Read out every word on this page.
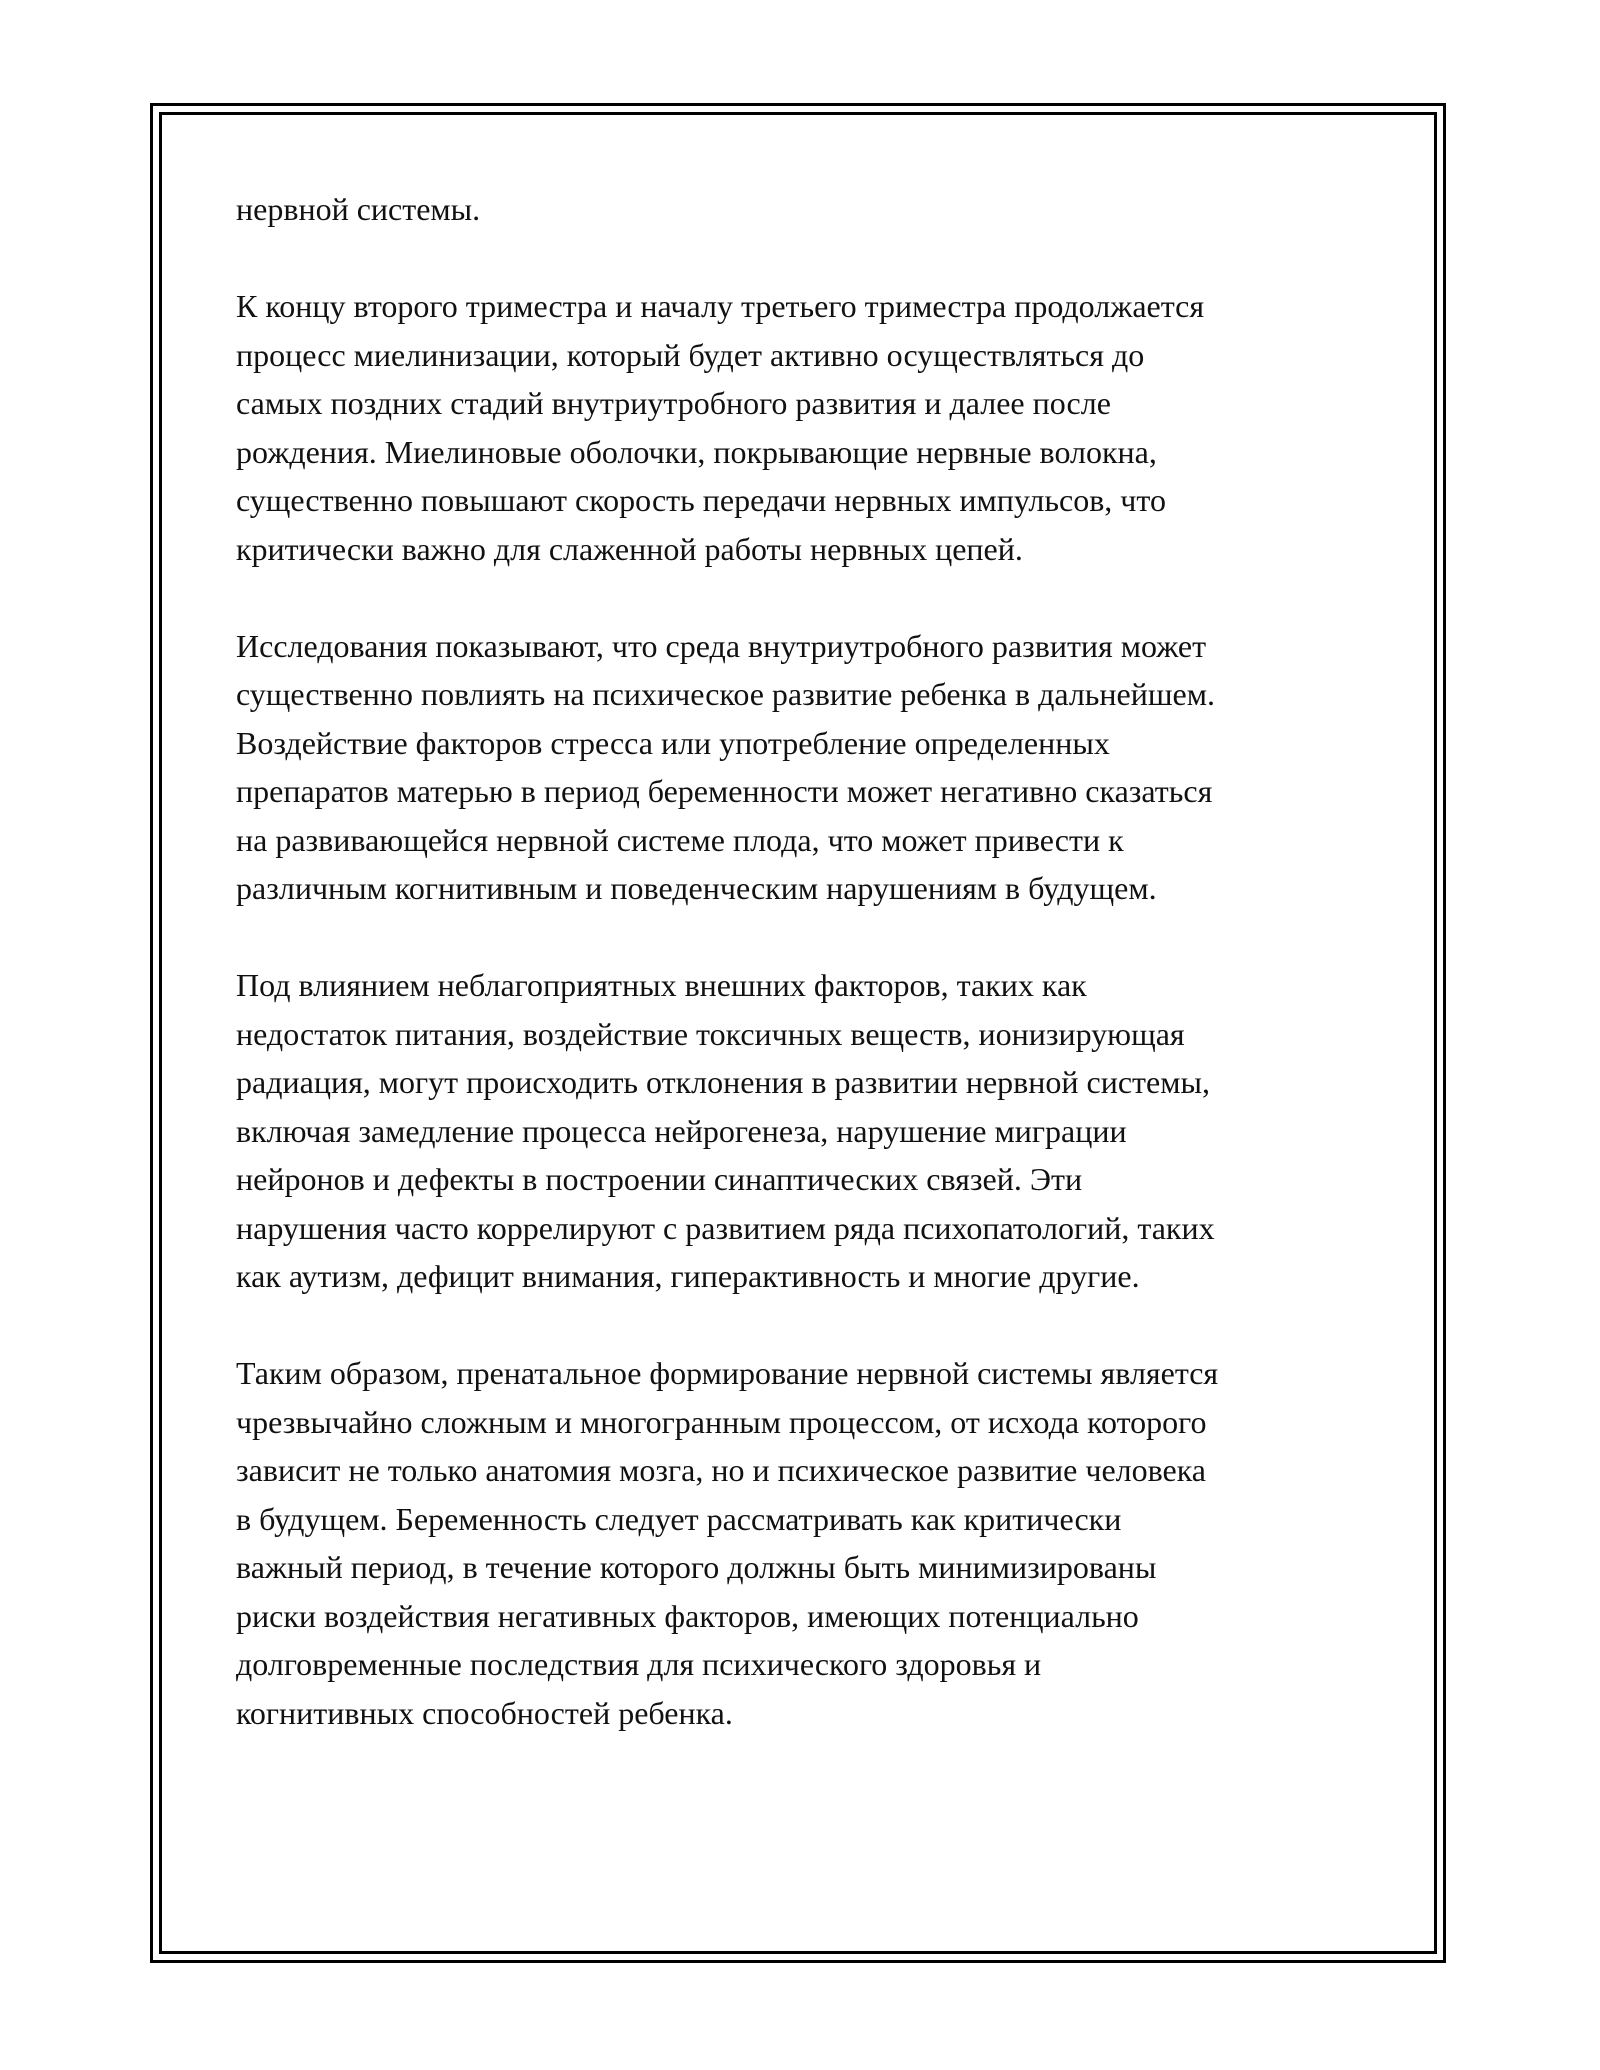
нервной системы.

К концу второго триместра и началу третьего триместра продолжается
процесс миелинизации, который будет активно осуществляться до
самых поздних стадий внутриутробного развития и далее после
рождения. Миелиновые оболочки, покрывающие нервные волокна,
существенно повышают скорость передачи нервных импульсов, что
критически важно для слаженной работы нервных цепей.

Исследования показывают, что среда внутриутробного развития может
существенно повлиять на психическое развитие ребенка в дальнейшем.
Воздействие факторов стресса или употребление определенных
препаратов матерью в период беременности может негативно сказаться
на развивающейся нервной системе плода, что может привести к
различным когнитивным и поведенческим нарушениям в будущем.

Под влиянием неблагоприятных внешних факторов, таких как
недостаток питания, воздействие токсичных веществ, ионизирующая
радиация, могут происходить отклонения в развитии нервной системы,
включая замедление процесса нейрогенеза, нарушение миграции
нейронов и дефекты в построении синаптических связей. Эти
нарушения часто коррелируют с развитием ряда психопатологий, таких
как аутизм, дефицит внимания, гиперактивность и многие другие.

Таким образом, пренатальное формирование нервной системы является
чрезвычайно сложным и многогранным процессом, от исхода которого
зависит не только анатомия мозга, но и психическое развитие человека
в будущем. Беременность следует рассматривать как критически
важный период, в течение которого должны быть минимизированы
риски воздействия негативных факторов, имеющих потенциально
долговременные последствия для психического здоровья и
когнитивных способностей ребенка.
